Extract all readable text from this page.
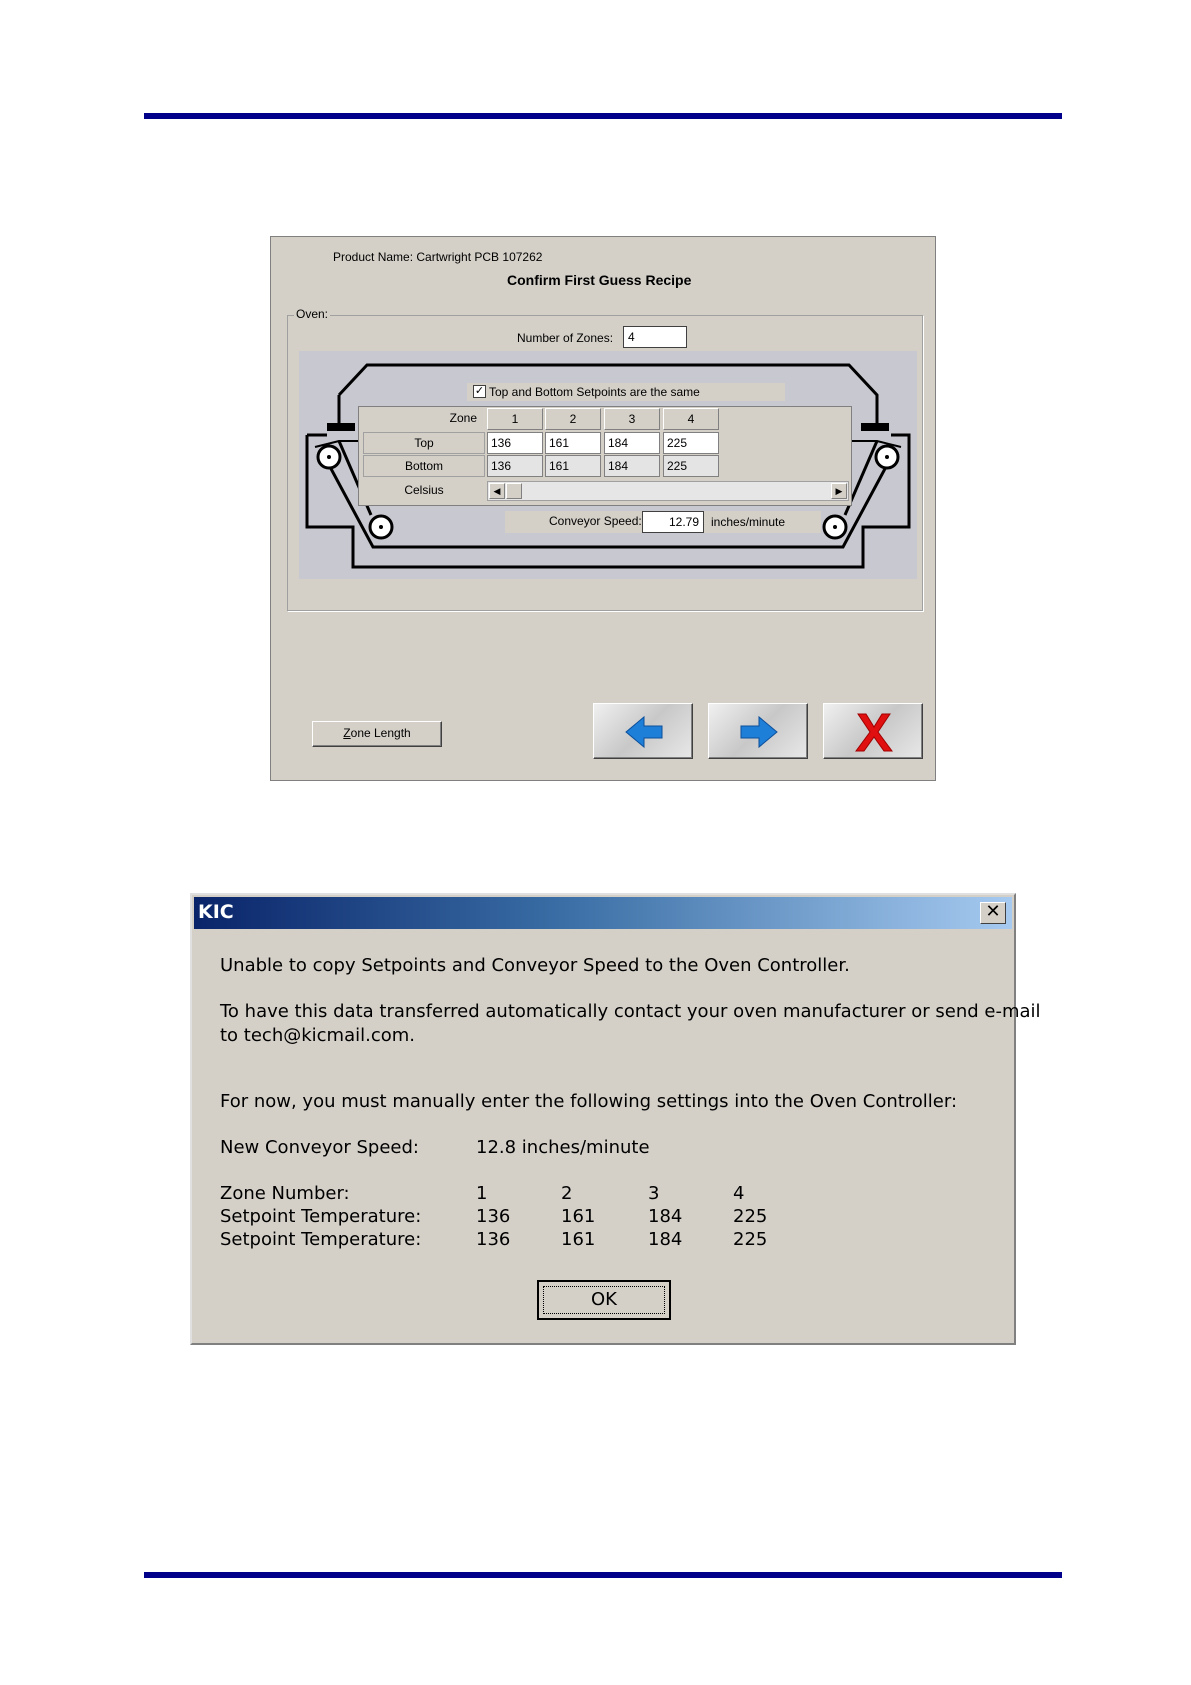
Product Name: Cartwright PCB 107262
Confirm First Guess Recipe
Oven:
Number of Zones:	4
✓ Top and Bottom Setpoints are the same
Zone	1	2	3	4
Top	136	161	184	225
Bottom	136	161	184	225
Celsius	◀	▶
Conveyor Speed:	12.79	inches/minute
Zone Length
KIC	✕
Unable to copy Setpoints and Conveyor Speed to the Oven Controller.
To have this data transferred automatically contact your oven manufacturer or send e-mail
to tech@kicmail.com.
For now, you must manually enter the following settings into the Oven Controller:
New Conveyor Speed:	12.8 inches/minute
Zone Number:	1	2	3	4
Setpoint Temperature:	136	161	184	225
Setpoint Temperature:	136	161	184	225
OK
